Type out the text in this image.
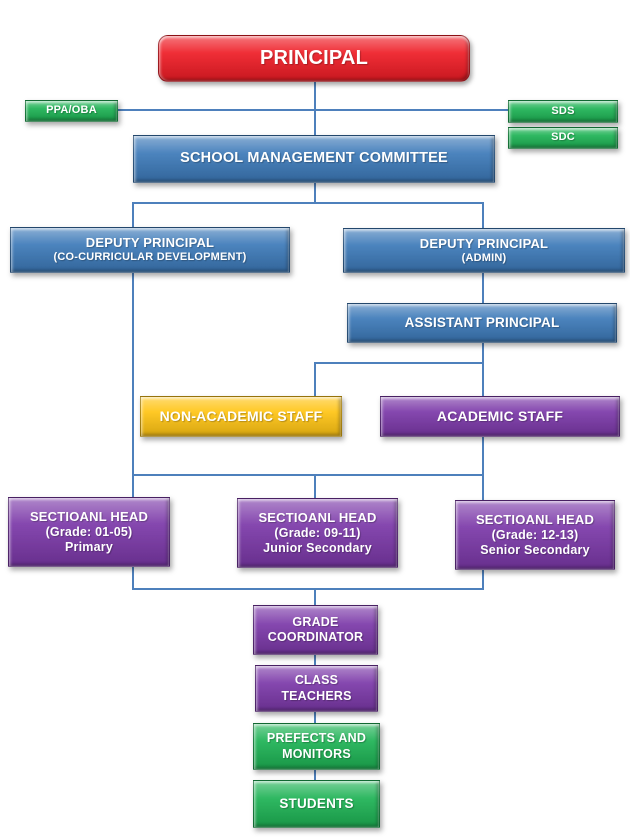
PRINCIPAL
PPA/OBA	SDS
SDC
SCHOOL MANAGEMENT COMMITTEE
DEPUTY PRINCIPAL
(CO-CURRICULAR DEVELOPMENT)
DEPUTY PRINCIPAL
(ADMIN)
ASSISTANT PRINCIPAL
NON-ACADEMIC STAFF	ACADEMIC STAFF
SECTIOANL HEAD
(Grade: 01-05)
Primary
SECTIOANL HEAD
(Grade: 09-11)
Junior Secondary
SECTIOANL HEAD
(Grade: 12-13)
Senior Secondary
GRADE
COORDINATOR
CLASS
TEACHERS
PREFECTS AND
MONITORS
STUDENTS
